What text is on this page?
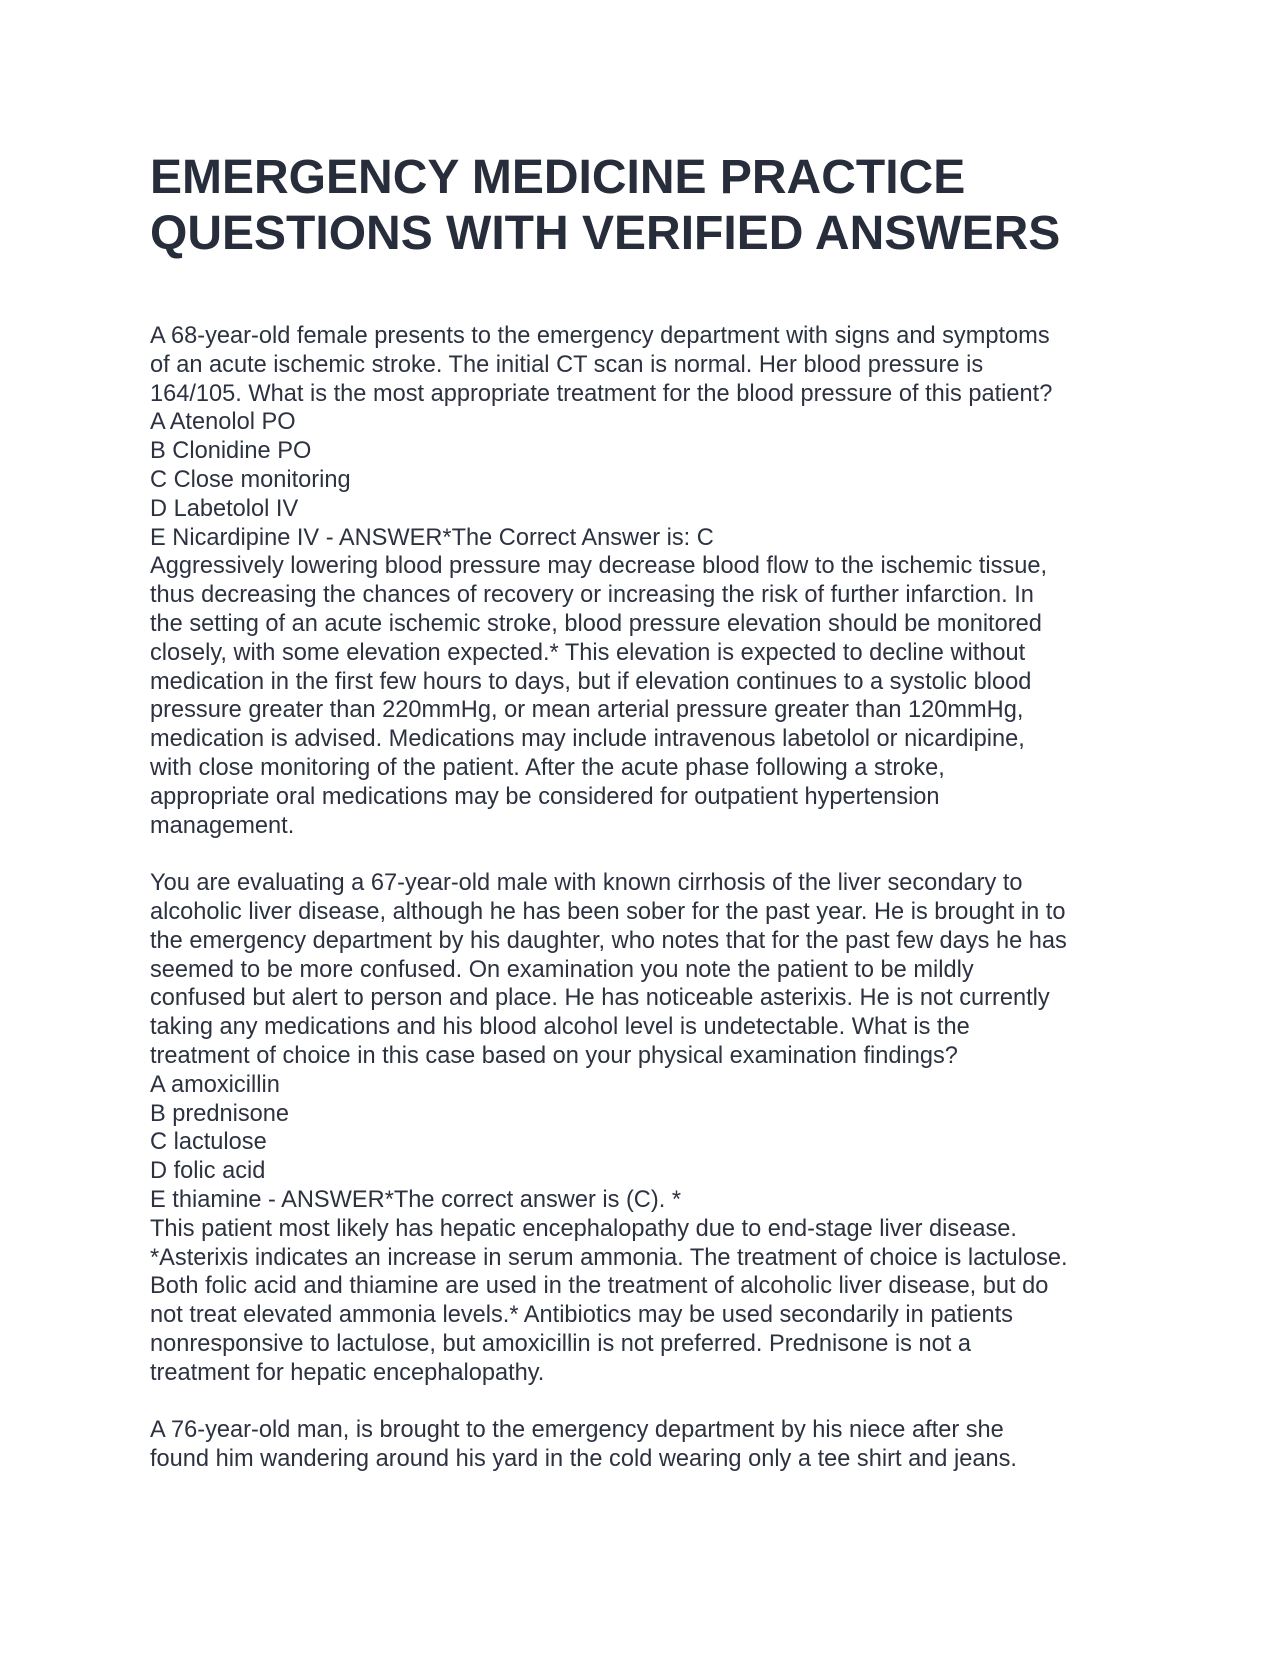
EMERGENCY MEDICINE PRACTICE
QUESTIONS WITH VERIFIED ANSWERS
A 68-year-old female presents to the emergency department with signs and symptoms
of an acute ischemic stroke. The initial CT scan is normal. Her blood pressure is
164/105. What is the most appropriate treatment for the blood pressure of this patient?
A Atenolol PO
B Clonidine PO
C Close monitoring
D Labetolol IV
E Nicardipine IV - ANSWER*The Correct Answer is: C
Aggressively lowering blood pressure may decrease blood flow to the ischemic tissue,
thus decreasing the chances of recovery or increasing the risk of further infarction. In
the setting of an acute ischemic stroke, blood pressure elevation should be monitored
closely, with some elevation expected.* This elevation is expected to decline without
medication in the first few hours to days, but if elevation continues to a systolic blood
pressure greater than 220mmHg, or mean arterial pressure greater than 120mmHg,
medication is advised. Medications may include intravenous labetolol or nicardipine,
with close monitoring of the patient. After the acute phase following a stroke,
appropriate oral medications may be considered for outpatient hypertension
management.
You are evaluating a 67-year-old male with known cirrhosis of the liver secondary to
alcoholic liver disease, although he has been sober for the past year. He is brought in to
the emergency department by his daughter, who notes that for the past few days he has
seemed to be more confused. On examination you note the patient to be mildly
confused but alert to person and place. He has noticeable asterixis. He is not currently
taking any medications and his blood alcohol level is undetectable. What is the
treatment of choice in this case based on your physical examination findings?
A amoxicillin
B prednisone
C lactulose
D folic acid
E thiamine - ANSWER*The correct answer is (C). *
This patient most likely has hepatic encephalopathy due to end-stage liver disease.
*Asterixis indicates an increase in serum ammonia. The treatment of choice is lactulose.
Both folic acid and thiamine are used in the treatment of alcoholic liver disease, but do
not treat elevated ammonia levels.* Antibiotics may be used secondarily in patients
nonresponsive to lactulose, but amoxicillin is not preferred. Prednisone is not a
treatment for hepatic encephalopathy.
A 76-year-old man, is brought to the emergency department by his niece after she
found him wandering around his yard in the cold wearing only a tee shirt and jeans.
